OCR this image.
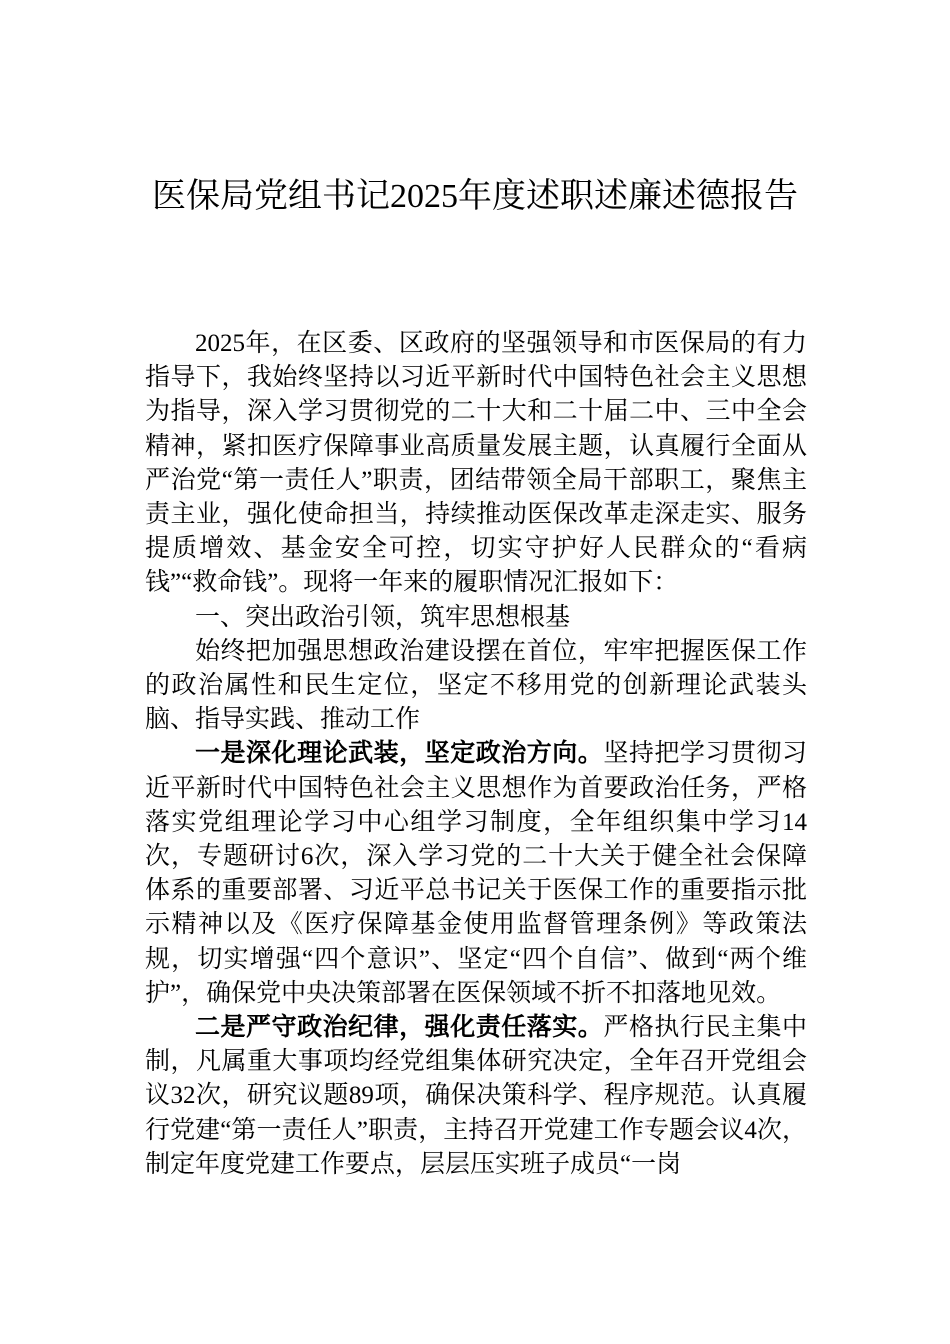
医保局党组书记2025年度述职述廉述德报告

2025年，在区委、区政府的坚强领导和市医保局的有力指导下，我始终坚持以习近平新时代中国特色社会主义思想为指导，深入学习贯彻党的二十大和二十届二中、三中全会精神，紧扣医疗保障事业高质量发展主题，认真履行全面从严治党“第一责任人”职责，团结带领全局干部职工，聚焦主责主业，强化使命担当，持续推动医保改革走深走实、服务提质增效、基金安全可控，切实守护好人民群众的“看病钱”“救命钱”。现将一年来的履职情况汇报如下：

一、突出政治引领，筑牢思想根基

始终把加强思想政治建设摆在首位，牢牢把握医保工作的政治属性和民生定位，坚定不移用党的创新理论武装头脑、指导实践、推动工作

一是深化理论武装，坚定政治方向。坚持把学习贯彻习近平新时代中国特色社会主义思想作为首要政治任务，严格落实党组理论学习中心组学习制度，全年组织集中学习14次，专题研讨6次，深入学习党的二十大关于健全社会保障体系的重要部署、习近平总书记关于医保工作的重要指示批示精神以及《医疗保障基金使用监督管理条例》等政策法规，切实增强“四个意识”、坚定“四个自信”、做到“两个维护”，确保党中央决策部署在医保领域不折不扣落地见效。

二是严守政治纪律，强化责任落实。严格执行民主集中制，凡属重大事项均经党组集体研究决定，全年召开党组会议32次，研究议题89项，确保决策科学、程序规范。认真履行党建“第一责任人”职责，主持召开党建工作专题会议4次，制定年度党建工作要点，层层压实班子成员“一岗
